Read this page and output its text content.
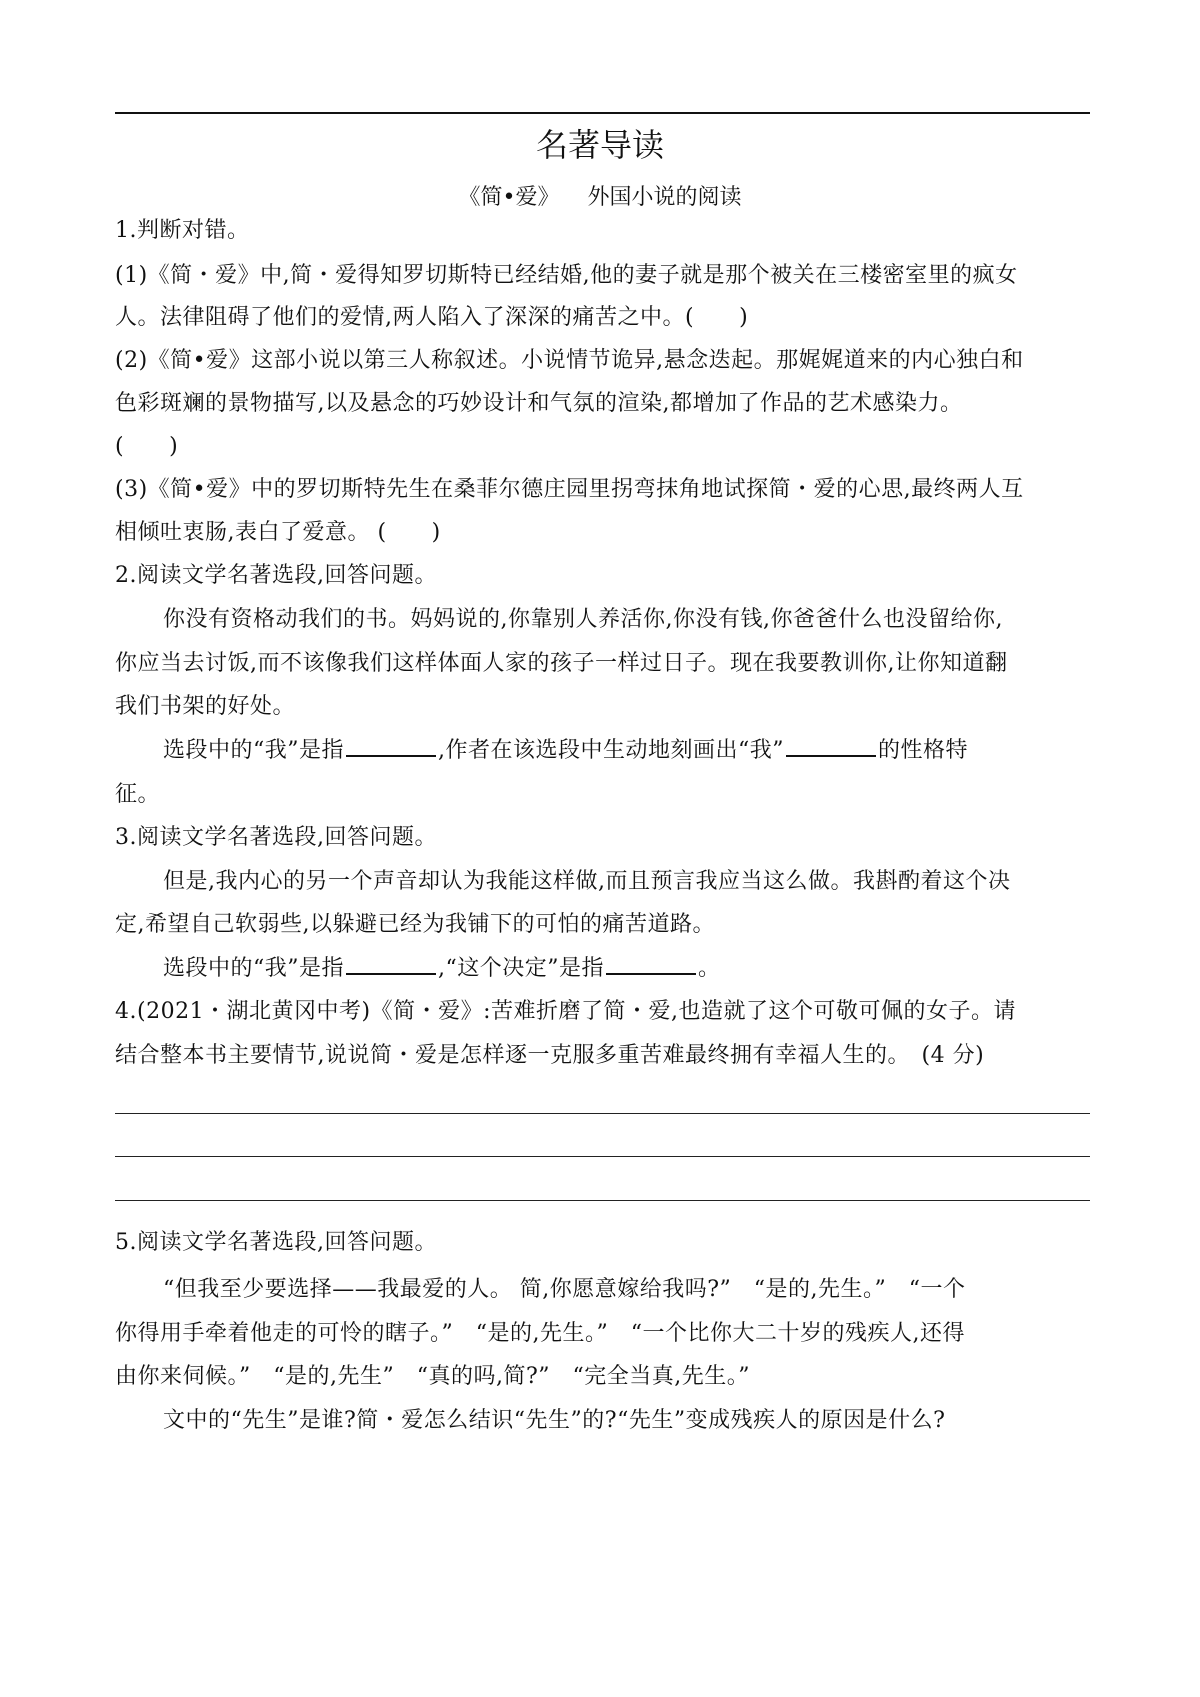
名著导读
《简•爱》    外国小说的阅读
1.判断对错。
(1)《简・爱》中,简・爱得知罗切斯特已经结婚,他的妻子就是那个被关在三楼密室里的疯女
人。法律阻碍了他们的爱情,两人陷入了深深的痛苦之中。(　　)
(2)《简•爱》这部小说以第三人称叙述。小说情节诡异,悬念迭起。那娓娓道来的内心独白和
色彩斑斓的景物描写,以及悬念的巧妙设计和气氛的渲染,都增加了作品的艺术感染力。
(　　)
(3)《简•爱》中的罗切斯特先生在桑菲尔德庄园里拐弯抹角地试探简・爱的心思,最终两人互
相倾吐衷肠,表白了爱意。 (　　)
2.阅读文学名著选段,回答问题。
你没有资格动我们的书。妈妈说的,你靠别人养活你,你没有钱,你爸爸什么也没留给你,
你应当去讨饭,而不该像我们这样体面人家的孩子一样过日子。现在我要教训你,让你知道翻
我们书架的好处。
选段中的“我”是指	,作者在该选段中生动地刻画出“我”	的性格特
征。
3.阅读文学名著选段,回答问题。
但是,我内心的另一个声音却认为我能这样做,而且预言我应当这么做。我斟酌着这个决
定,希望自己软弱些,以躲避已经为我铺下的可怕的痛苦道路。
选段中的“我”是指	,“这个决定”是指	。
4.(2021・湖北黄冈中考)《简・爱》:苦难折磨了简・爱,也造就了这个可敬可佩的女子。请
结合整本书主要情节,说说简・爱是怎样逐一克服多重苦难最终拥有幸福人生的。　(4 分)
5.阅读文学名著选段,回答问题。
“但我至少要选择——我最爱的人。 简,你愿意嫁给我吗?”　“是的,先生。”　“一个
你得用手牵着他走的可怜的瞎子。”　“是的,先生。”　“一个比你大二十岁的残疾人,还得
由你来伺候。”　“是的,先生”　“真的吗,简?”　“完全当真,先生。”
文中的“先生”是谁?简・爱怎么结识“先生”的?“先生”变成残疾人的原因是什么?
